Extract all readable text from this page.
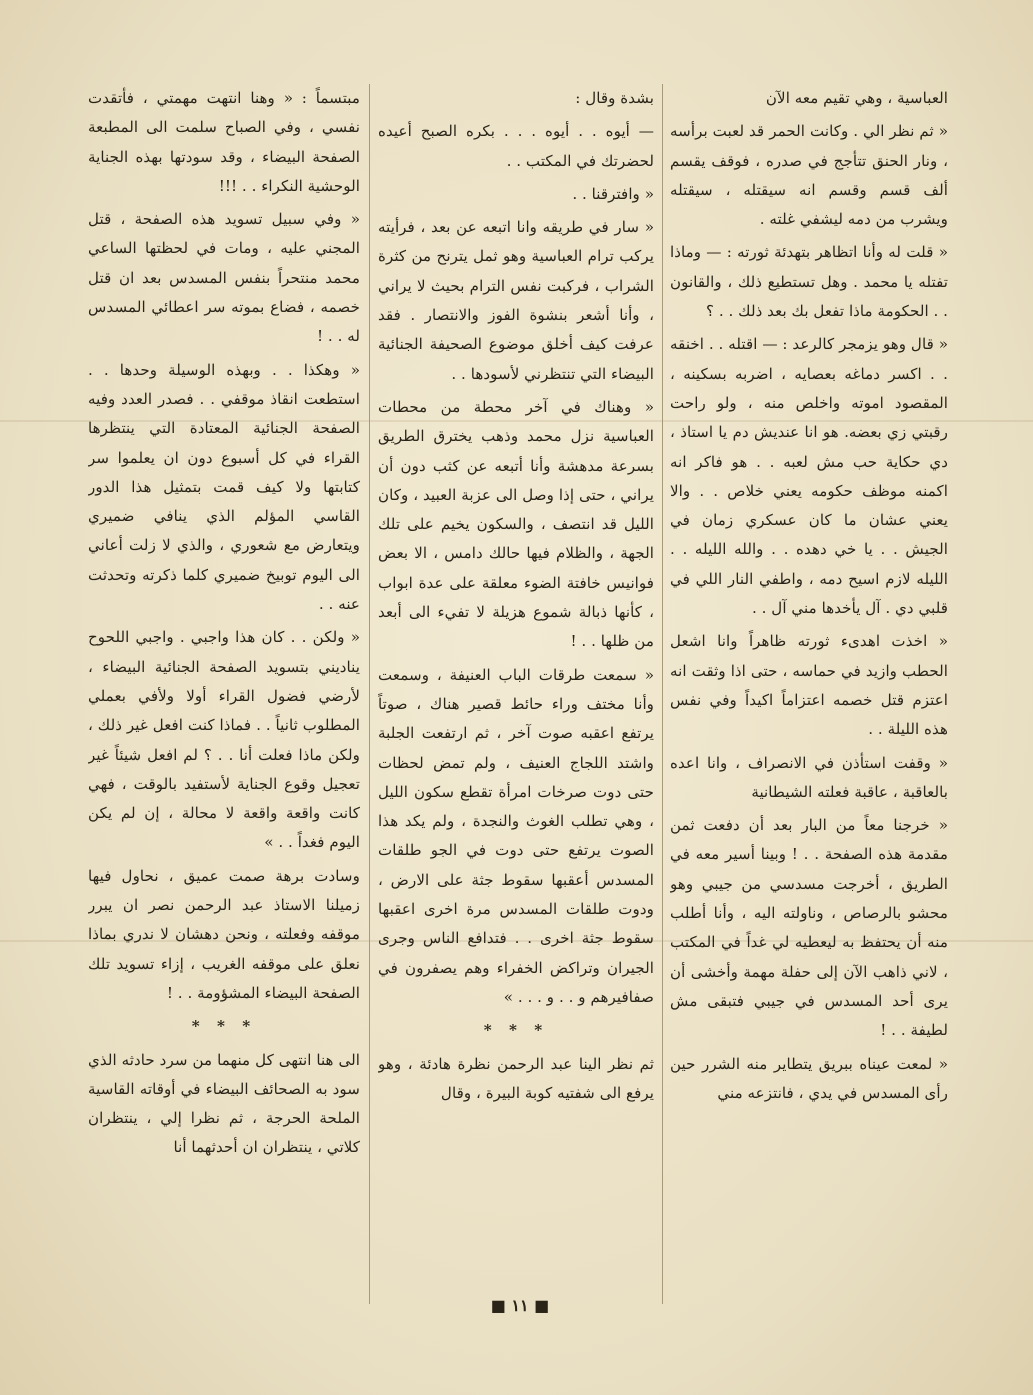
العباسية ، وهي تقيم معه الآن

« ثم نظر الي . وكانت الحمر قد لعبت برأسه ، ونار الحنق تتأجج في صدره ، فوقف يقسم ألف قسم وقسم انه سيقتله ، سيقتله ويشرب من دمه ليشفي غلته .

« قلت له وأنا اتظاهر بتهدئة ثورته : — وماذا تفتله يا محمد . وهل تستطيع ذلك ، والقانون . . الحكومة ماذا تفعل بك بعد ذلك . . ؟

« قال وهو يزمجر كالرعد : — اقتله . . اخنقه . . اكسر دماغه بعصايه ، اضربه بسكينه ، المقصود اموته واخلص منه ، ولو راحت رقبتي زي بعضه. هو انا عنديش دم يا استاذ ، دي حكاية حب مش لعبه . . هو فاكر انه اكمنه موظف حكومه يعني خلاص . . والا يعني عشان ما كان عسكري زمان في الجيش . . يا خي دهده . . والله الليله . . الليله لازم اسيح دمه ، واطفي النار اللي في قلبي دي . آل يأخدها مني آل . .

« اخذت اهدىء ثورته ظاهراً وانا اشعل الحطب وازيد في حماسه ، حتى اذا وثقت انه اعتزم قتل خصمه اعتزاماً اكيداً وفي نفس هذه الليلة . .

« وقفت استأذن في الانصراف ، وانا اعده بالعاقبة ، عاقبة فعلته الشيطانية

« خرجنا معاً من البار بعد أن دفعت ثمن مقدمة هذه الصفحة . . ! وبينا أسير معه في الطريق ، أخرجت مسدسي من جيبي وهو محشو بالرصاص ، وناولته اليه ، وأنا أطلب منه أن يحتفظ به ليعطيه لي غداً في المكتب ، لاني ذاهب الآن إلى حفلة مهمة وأخشى أن يرى أحد المسدس في جيبي فتبقى مش لطيفة . . !

« لمعت عيناه ببريق يتطاير منه الشرر حين رأى المسدس في يدي ، فانتزعه مني

بشدة وقال :

— أيوه . . أيوه . . . بكره الصبح أعيده لحضرتك في المكتب . .

« وافترقنا . .

« سار في طريقه وانا اتبعه عن بعد ، فرأيته يركب ترام العباسية وهو ثمل يترنح من كثرة الشراب ، فركبت نفس الترام بحيث لا يراني ، وأنا أشعر بنشوة الفوز والانتصار . فقد عرفت كيف أخلق موضوع الصحيفة الجنائية البيضاء التي تنتظرني لأسودها . .

« وهناك في آخر محطة من محطات العباسية نزل محمد وذهب يخترق الطريق بسرعة مدهشة وأنا أتبعه عن كثب دون أن يراني ، حتى إذا وصل الى عزبة العبيد ، وكان الليل قد انتصف ، والسكون يخيم على تلك الجهة ، والظلام فيها حالك دامس ، الا بعض فوانيس خافتة الضوء معلقة على عدة ابواب ، كأنها ذبالة شموع هزيلة لا تفيء الى أبعد من ظلها . . !

« سمعت طرقات الباب العنيفة ، وسمعت وأنا مختف وراء حائط قصير هناك ، صوتاً يرتفع اعقبه صوت آخر ، ثم ارتفعت الجلبة واشتد اللجاج العنيف ، ولم تمض لحظات حتى دوت صرخات امرأة تقطع سكون الليل ، وهي تطلب الغوث والنجدة ، ولم يكد هذا الصوت يرتفع حتى دوت في الجو طلقات المسدس أعقبها سقوط جثة على الارض ، ودوت طلقات المسدس مرة اخرى اعقبها سقوط جثة اخرى . . فتدافع الناس وجرى الجيران وتراكض الخفراء وهم يصفرون في صفافيرهم و . . و . . . »

* * *

ثم نظر الينا عبد الرحمن نظرة هادئة ، وهو يرفع الى شفتيه كوبة البيرة ، وقال

مبتسماً : « وهنا انتهت مهمتي ، فأتقدت نفسي ، وفي الصباح سلمت الى المطبعة الصفحة البيضاء ، وقد سودتها بهذه الجناية الوحشية النكراء . . !!!

« وفي سبيل تسويد هذه الصفحة ، قتل المجني عليه ، ومات في لحظتها الساعي محمد منتحراً بنفس المسدس بعد ان قتل خصمه ، فضاع بموته سر اعطائي المسدس له . . !

« وهكذا . . وبهذه الوسيلة وحدها . . استطعت انقاذ موقفي . . فصدر العدد وفيه الصفحة الجنائية المعتادة التي ينتظرها القراء في كل أسبوع دون ان يعلموا سر كتابتها ولا كيف قمت بتمثيل هذا الدور القاسي المؤلم الذي ينافي ضميري ويتعارض مع شعوري ، والذي لا زلت أعاني الى اليوم توبيخ ضميري كلما ذكرته وتحدثت عنه . .

« ولكن . . كان هذا واجبي . واجبي اللحوح يناديني بتسويد الصفحة الجنائية البيضاء ، لأرضي فضول القراء أولا ولأفي بعملي المطلوب ثانياً . . فماذا كنت افعل غير ذلك ، ولكن ماذا فعلت أنا . . ؟ لم افعل شيئاً غير تعجيل وقوع الجناية لأستفيد بالوقت ، فهي كانت واقعة واقعة لا محالة ، إن لم يكن اليوم فغداً . . »

وسادت برهة صمت عميق ، نحاول فيها زميلنا الاستاذ عبد الرحمن نصر ان يبرر موقفه وفعلته ، ونحن دهشان لا ندري بماذا نعلق على موقفه الغريب ، إزاء تسويد تلك الصفحة البيضاء المشؤومة . . !

* * *

الى هنا انتهى كل منهما من سرد حادثه الذي سود به الصحائف البيضاء في أوقاته القاسية الملحة الحرجة ، ثم نظرا إلي ، ينتظران كلاتي ، ينتظران ان أحدثهما أنا

■ ١١ ■
